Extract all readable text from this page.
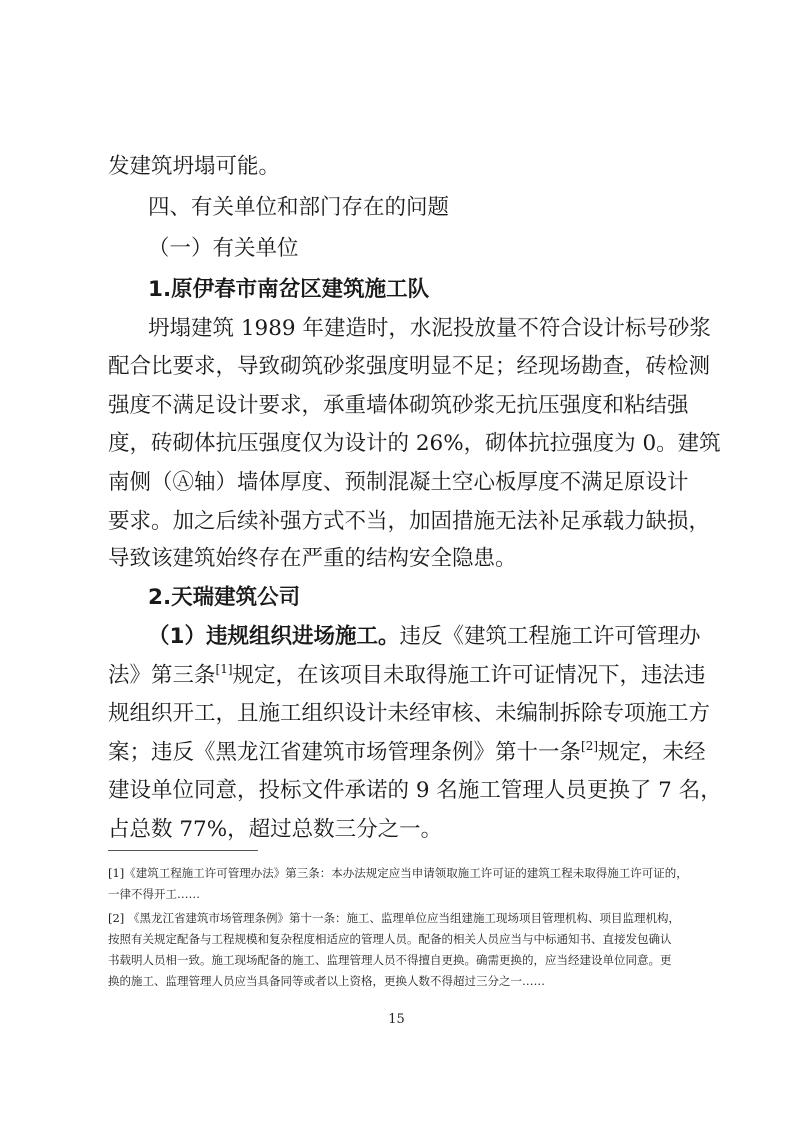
发建筑坍塌可能。
四、有关单位和部门存在的问题
（一）有关单位
1.原伊春市南岔区建筑施工队
坍塌建筑 1989 年建造时，水泥投放量不符合设计标号砂浆
配合比要求，导致砌筑砂浆强度明显不足；经现场勘查，砖检测
强度不满足设计要求，承重墙体砌筑砂浆无抗压强度和粘结强
度，砖砌体抗压强度仅为设计的 26%，砌体抗拉强度为 0。建筑
南侧（Ⓐ轴）墙体厚度、预制混凝土空心板厚度不满足原设计
要求。加之后续补强方式不当，加固措施无法补足承载力缺损，
导致该建筑始终存在严重的结构安全隐患。
2.天瑞建筑公司
（1）违规组织进场施工。违反《建筑工程施工许可管理办
法》第三条[1]规定，在该项目未取得施工许可证情况下，违法违
规组织开工，且施工组织设计未经审核、未编制拆除专项施工方
案；违反《黑龙江省建筑市场管理条例》第十一条[2]规定，未经
建设单位同意，投标文件承诺的 9 名施工管理人员更换了 7 名，
占总数 77%，超过总数三分之一。
[1]《建筑工程施工许可管理办法》第三条：本办法规定应当申请领取施工许可证的建筑工程未取得施工许可证的，
一律不得开工……
[2] 《黑龙江省建筑市场管理条例》第十一条：施工、监理单位应当组建施工现场项目管理机构、项目监理机构，
按照有关规定配备与工程规模和复杂程度相适应的管理人员。配备的相关人员应当与中标通知书、直接发包确认
书载明人员相一致。施工现场配备的施工、监理管理人员不得擅自更换。确需更换的，应当经建设单位同意。更
换的施工、监理管理人员应当具备同等或者以上资格，更换人数不得超过三分之一……
15
